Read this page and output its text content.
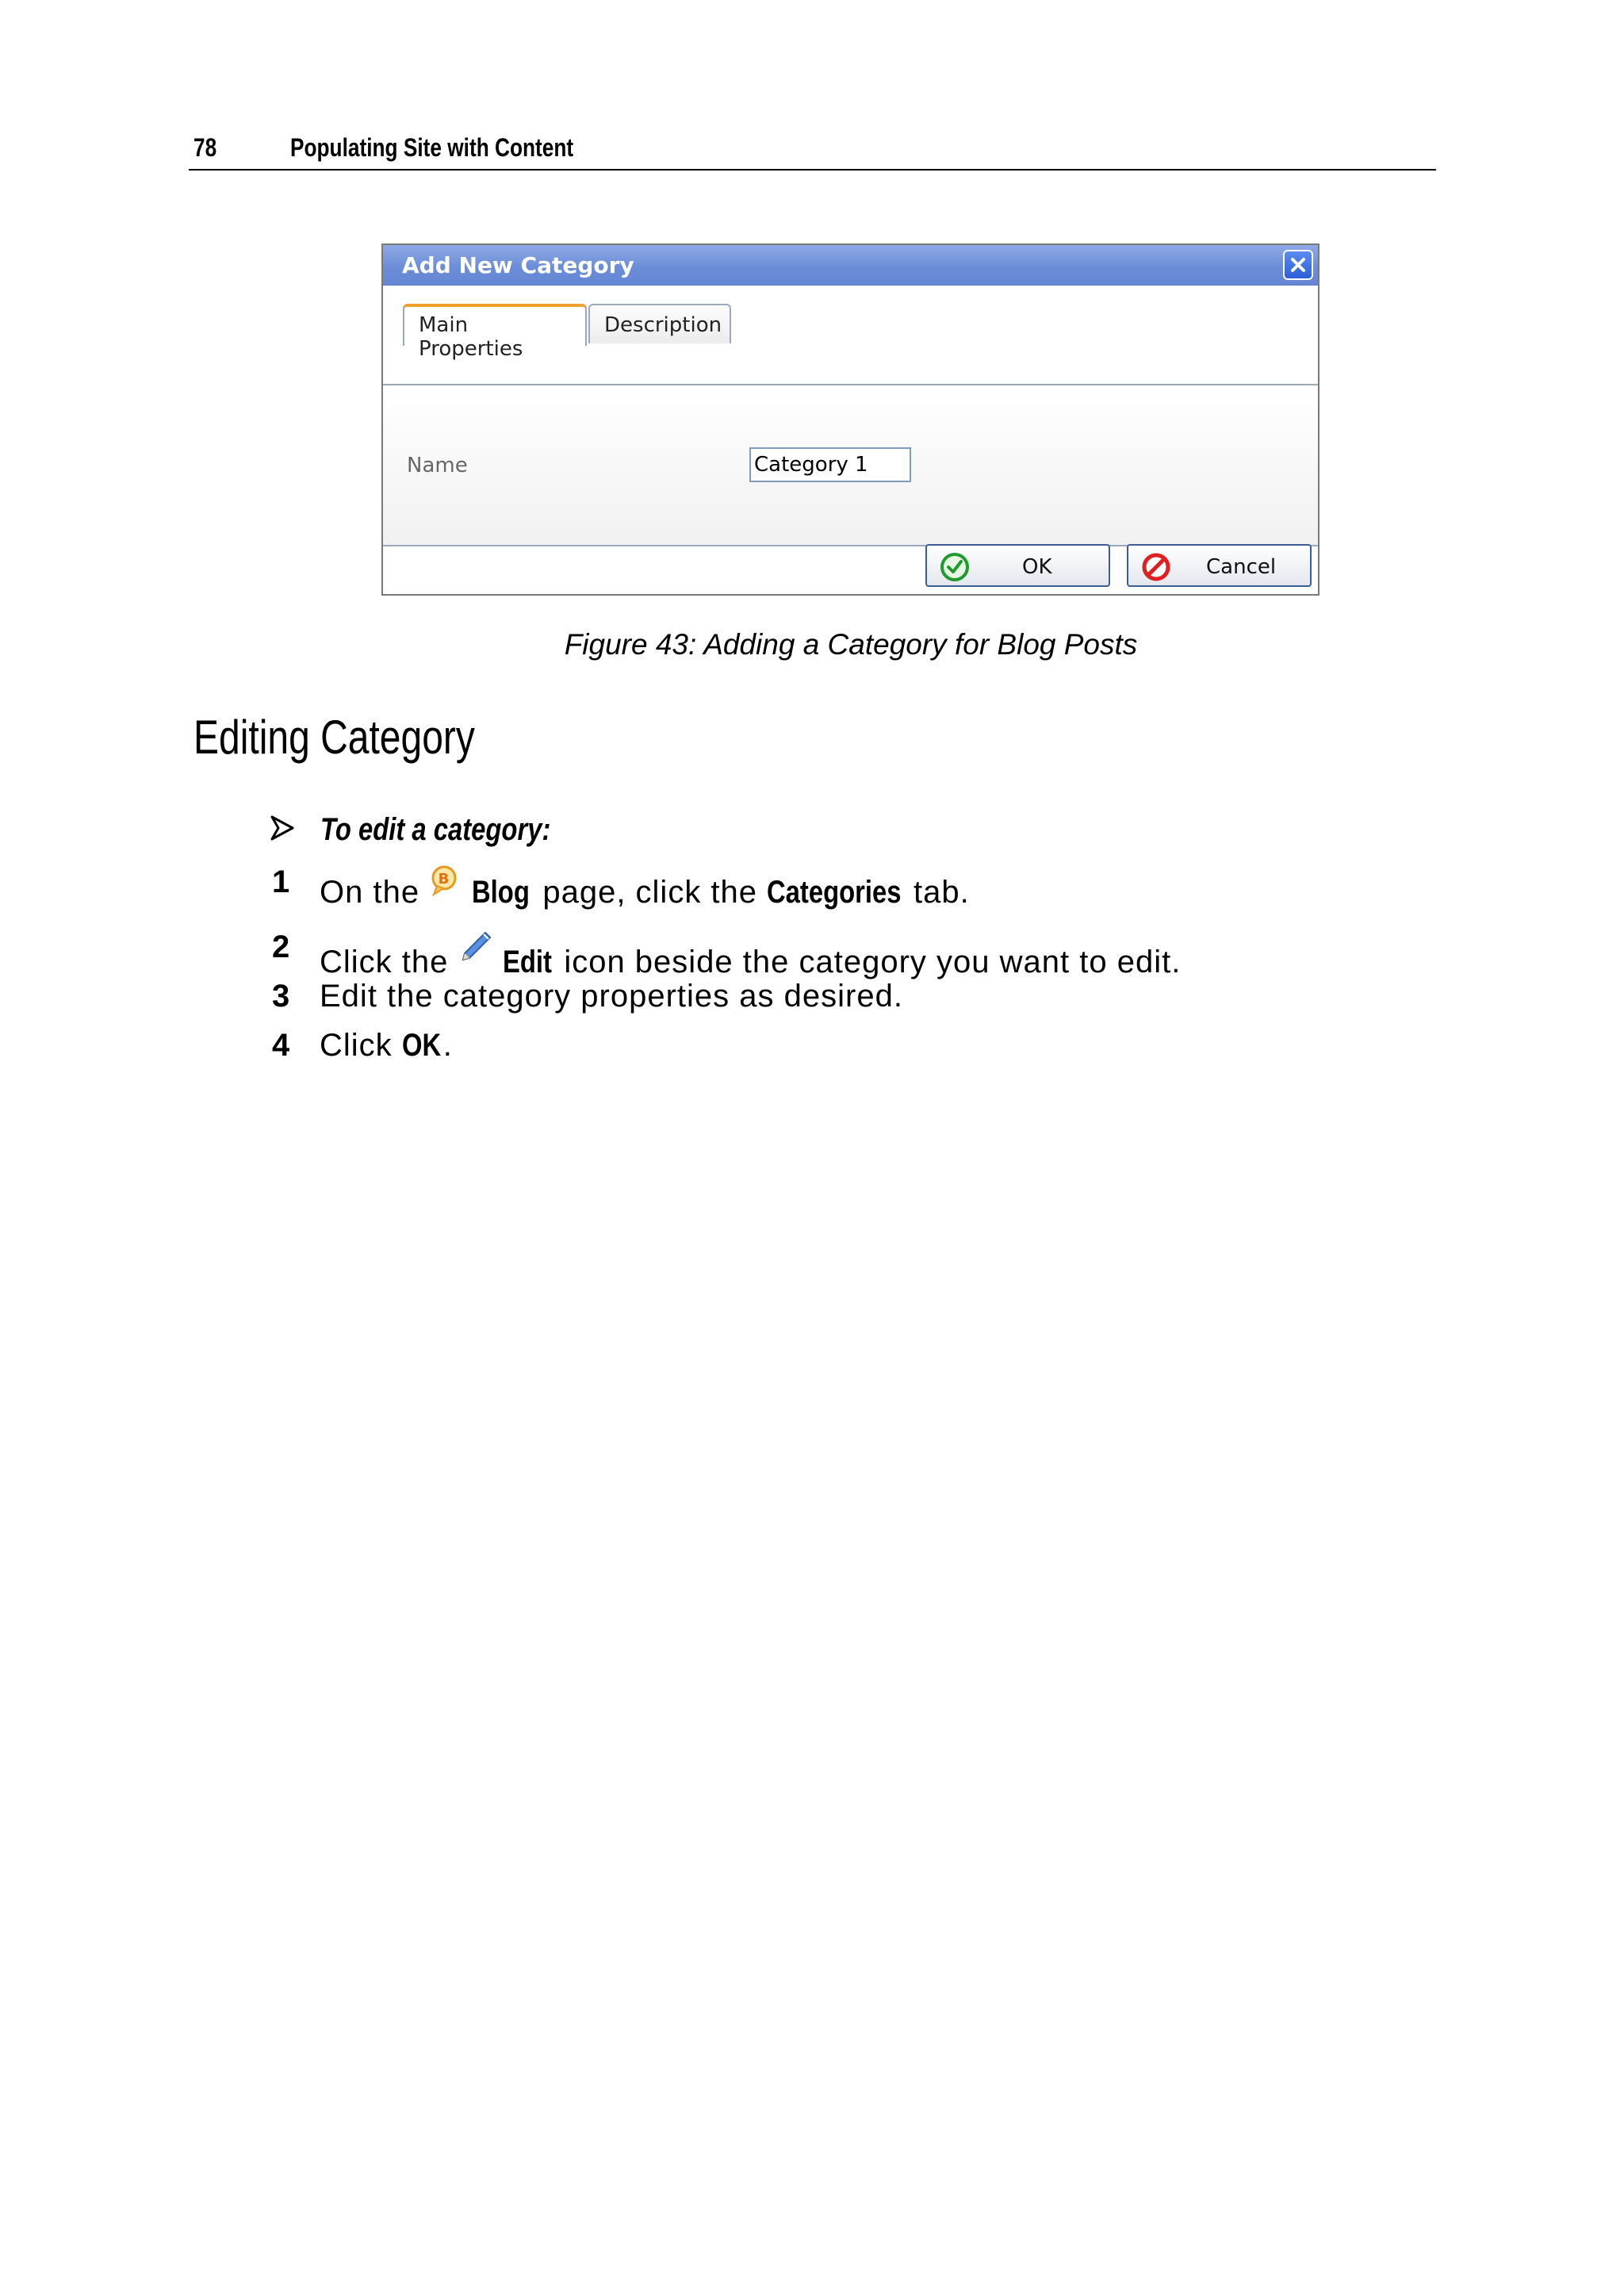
78	Populating Site with Content
Add New Category
Main Properties
Description
Name
Category 1
OK	Cancel
Figure 43: Adding a Category for Blog Posts
Editing Category
To edit a category:
1 On the B Blog page, click the Categories tab.
2 Click the Edit icon beside the category you want to edit.
3 Edit the category properties as desired.
4 Click OK.
